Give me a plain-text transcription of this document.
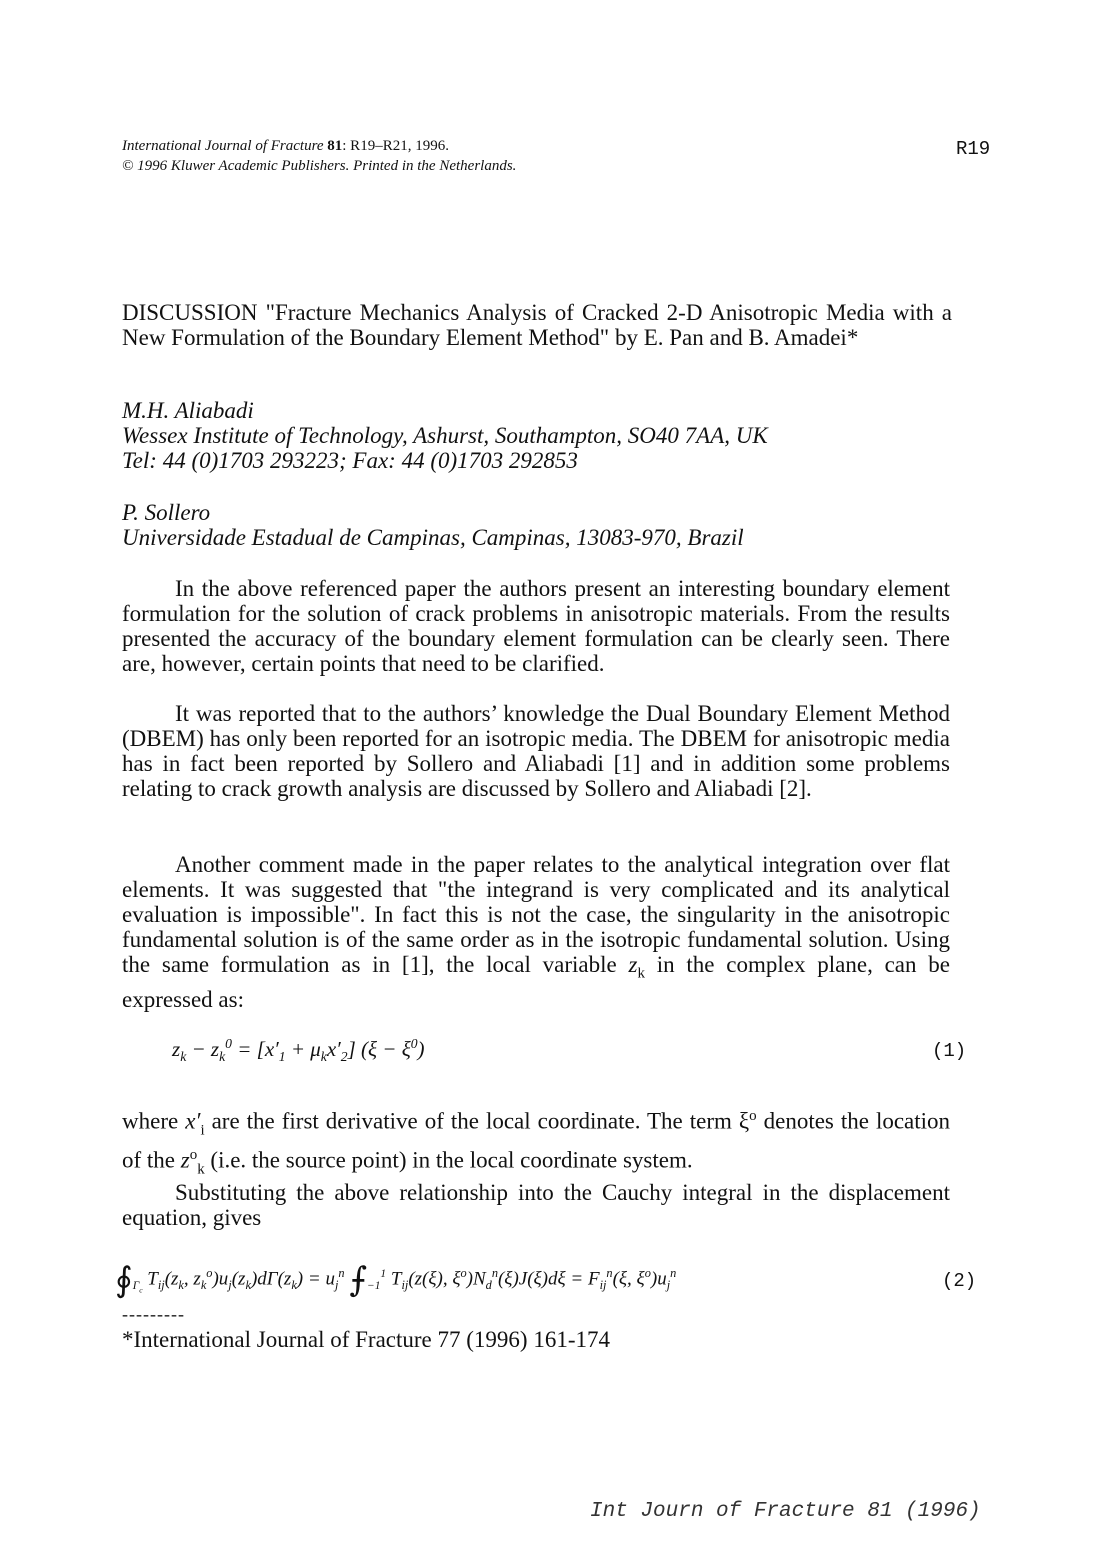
International Journal of Fracture 81: R19–R21, 1996.
© 1996 Kluwer Academic Publishers. Printed in the Netherlands.
R19
DISCUSSION "Fracture Mechanics Analysis of Cracked 2-D Anisotropic Media with a New Formulation of the Boundary Element Method" by E. Pan and B. Amadei*
M.H. Aliabadi
Wessex Institute of Technology, Ashurst, Southampton, SO40 7AA, UK
Tel: 44 (0)1703 293223; Fax: 44 (0)1703 292853
P. Sollero
Universidade Estadual de Campinas, Campinas, 13083-970, Brazil
In the above referenced paper the authors present an interesting boundary element formulation for the solution of crack problems in anisotropic materials. From the results presented the accuracy of the boundary element formulation can be clearly seen. There are, however, certain points that need to be clarified.
It was reported that to the authors’ knowledge the Dual Boundary Element Method (DBEM) has only been reported for an isotropic media. The DBEM for anisotropic media has in fact been reported by Sollero and Aliabadi [1] and in addition some problems relating to crack growth analysis are discussed by Sollero and Aliabadi [2].
Another comment made in the paper relates to the analytical integration over flat elements. It was suggested that "the integrand is very complicated and its analytical evaluation is impossible". In fact this is not the case, the singularity in the anisotropic fundamental solution is of the same order as in the isotropic fundamental solution. Using the same formulation as in [1], the local variable $z_k$ in the complex plane, can be expressed as:
$z_k - z_k^0 = [x'_1 + \mu_kx'_2] (\xi - \xi^0)$	(1)
where $x'_i$ are the first derivative of the local coordinate. The term $\xi^o$ denotes the location of the $z^o_k$ (i.e. the source point) in the local coordinate system.
Substituting the above relationship into the Cauchy integral in the displacement equation, gives
$∮_{\Gamma_c}$ $T_{ij}(z_k$, $z_k^o)u_j(z_k)d\Gamma(z_k) = u_j^n$ $⨍_{-1}^1$ $T_{ij}(z(\xi)$, $\xi^o)N_d^n(\xi)J(\xi)d\xi = F_{ij}^n(\xi$, $\xi^o)u_j^n$	(2)
---------
*International Journal of Fracture 77 (1996) 161-174
Int Journ of Fracture 81 (1996)
